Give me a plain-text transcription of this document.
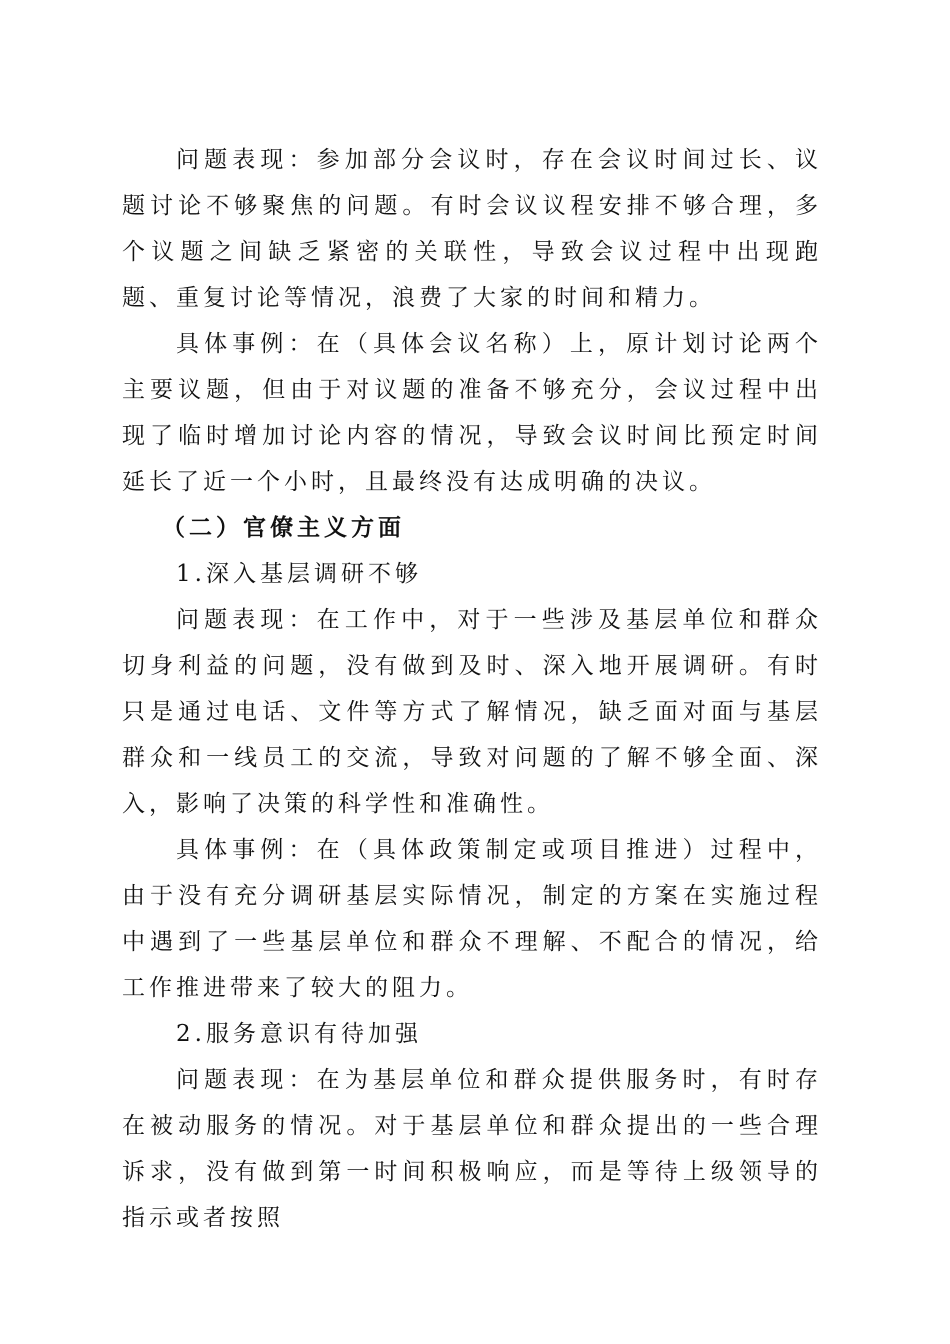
问题表现：参加部分会议时，存在会议时间过长、议题讨论不够聚焦的问题。有时会议议程安排不够合理，多个议题之间缺乏紧密的关联性，导致会议过程中出现跑题、重复讨论等情况，浪费了大家的时间和精力。

具体事例：在（具体会议名称）上，原计划讨论两个主要议题，但由于对议题的准备不够充分，会议过程中出现了临时增加讨论内容的情况，导致会议时间比预定时间延长了近一个小时，且最终没有达成明确的决议。

（二）官僚主义方面

1.深入基层调研不够

问题表现：在工作中，对于一些涉及基层单位和群众切身利益的问题，没有做到及时、深入地开展调研。有时只是通过电话、文件等方式了解情况，缺乏面对面与基层群众和一线员工的交流，导致对问题的了解不够全面、深入，影响了决策的科学性和准确性。

具体事例：在（具体政策制定或项目推进）过程中，由于没有充分调研基层实际情况，制定的方案在实施过程中遇到了一些基层单位和群众不理解、不配合的情况，给工作推进带来了较大的阻力。

2.服务意识有待加强

问题表现：在为基层单位和群众提供服务时，有时存在被动服务的情况。对于基层单位和群众提出的一些合理诉求，没有做到第一时间积极响应，而是等待上级领导的指示或者按照
